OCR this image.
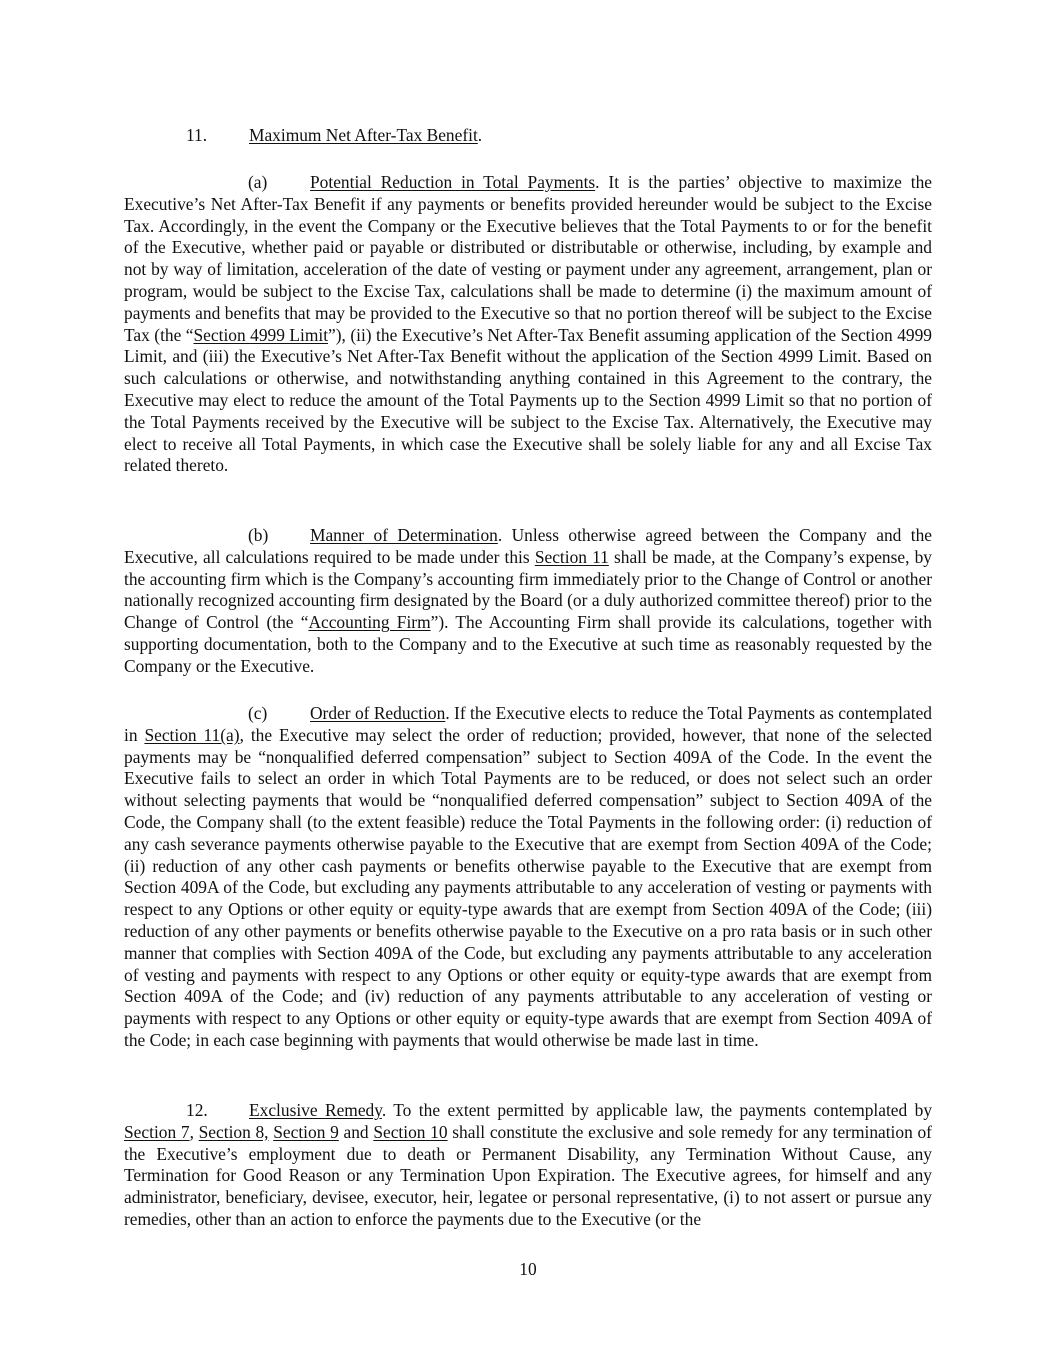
11. Maximum Net After-Tax Benefit.

(a) Potential Reduction in Total Payments. It is the parties’ objective to maximize the Executive’s Net After-Tax Benefit if any payments or benefits provided hereunder would be subject to the Excise Tax. Accordingly, in the event the Company or the Executive believes that the Total Payments to or for the benefit of the Executive, whether paid or payable or distributed or distributable or otherwise, including, by example and not by way of limitation, acceleration of the date of vesting or payment under any agreement, arrangement, plan or program, would be subject to the Excise Tax, calculations shall be made to determine (i) the maximum amount of payments and benefits that may be provided to the Executive so that no portion thereof will be subject to the Excise Tax (the “Section 4999 Limit”), (ii) the Executive’s Net After-Tax Benefit assuming application of the Section 4999 Limit, and (iii) the Executive’s Net After-Tax Benefit without the application of the Section 4999 Limit. Based on such calculations or otherwise, and notwithstanding anything contained in this Agreement to the contrary, the Executive may elect to reduce the amount of the Total Payments up to the Section 4999 Limit so that no portion of the Total Payments received by the Executive will be subject to the Excise Tax. Alternatively, the Executive may elect to receive all Total Payments, in which case the Executive shall be solely liable for any and all Excise Tax related thereto.

(b) Manner of Determination. Unless otherwise agreed between the Company and the Executive, all calculations required to be made under this Section 11 shall be made, at the Company’s expense, by the accounting firm which is the Company’s accounting firm immediately prior to the Change of Control or another nationally recognized accounting firm designated by the Board (or a duly authorized committee thereof) prior to the Change of Control (the “Accounting Firm”). The Accounting Firm shall provide its calculations, together with supporting documentation, both to the Company and to the Executive at such time as reasonably requested by the Company or the Executive.

(c) Order of Reduction. If the Executive elects to reduce the Total Payments as contemplated in Section 11(a), the Executive may select the order of reduction; provided, however, that none of the selected payments may be “nonqualified deferred compensation” subject to Section 409A of the Code. In the event the Executive fails to select an order in which Total Payments are to be reduced, or does not select such an order without selecting payments that would be “nonqualified deferred compensation” subject to Section 409A of the Code, the Company shall (to the extent feasible) reduce the Total Payments in the following order: (i) reduction of any cash severance payments otherwise payable to the Executive that are exempt from Section 409A of the Code; (ii) reduction of any other cash payments or benefits otherwise payable to the Executive that are exempt from Section 409A of the Code, but excluding any payments attributable to any acceleration of vesting or payments with respect to any Options or other equity or equity-type awards that are exempt from Section 409A of the Code; (iii) reduction of any other payments or benefits otherwise payable to the Executive on a pro rata basis or in such other manner that complies with Section 409A of the Code, but excluding any payments attributable to any acceleration of vesting and payments with respect to any Options or other equity or equity-type awards that are exempt from Section 409A of the Code; and (iv) reduction of any payments attributable to any acceleration of vesting or payments with respect to any Options or other equity or equity-type awards that are exempt from Section 409A of the Code; in each case beginning with payments that would otherwise be made last in time.

12. Exclusive Remedy. To the extent permitted by applicable law, the payments contemplated by Section 7, Section 8, Section 9 and Section 10 shall constitute the exclusive and sole remedy for any termination of the Executive’s employment due to death or Permanent Disability, any Termination Without Cause, any Termination for Good Reason or any Termination Upon Expiration. The Executive agrees, for himself and any administrator, beneficiary, devisee, executor, heir, legatee or personal representative, (i) to not assert or pursue any remedies, other than an action to enforce the payments due to the Executive (or the

10
